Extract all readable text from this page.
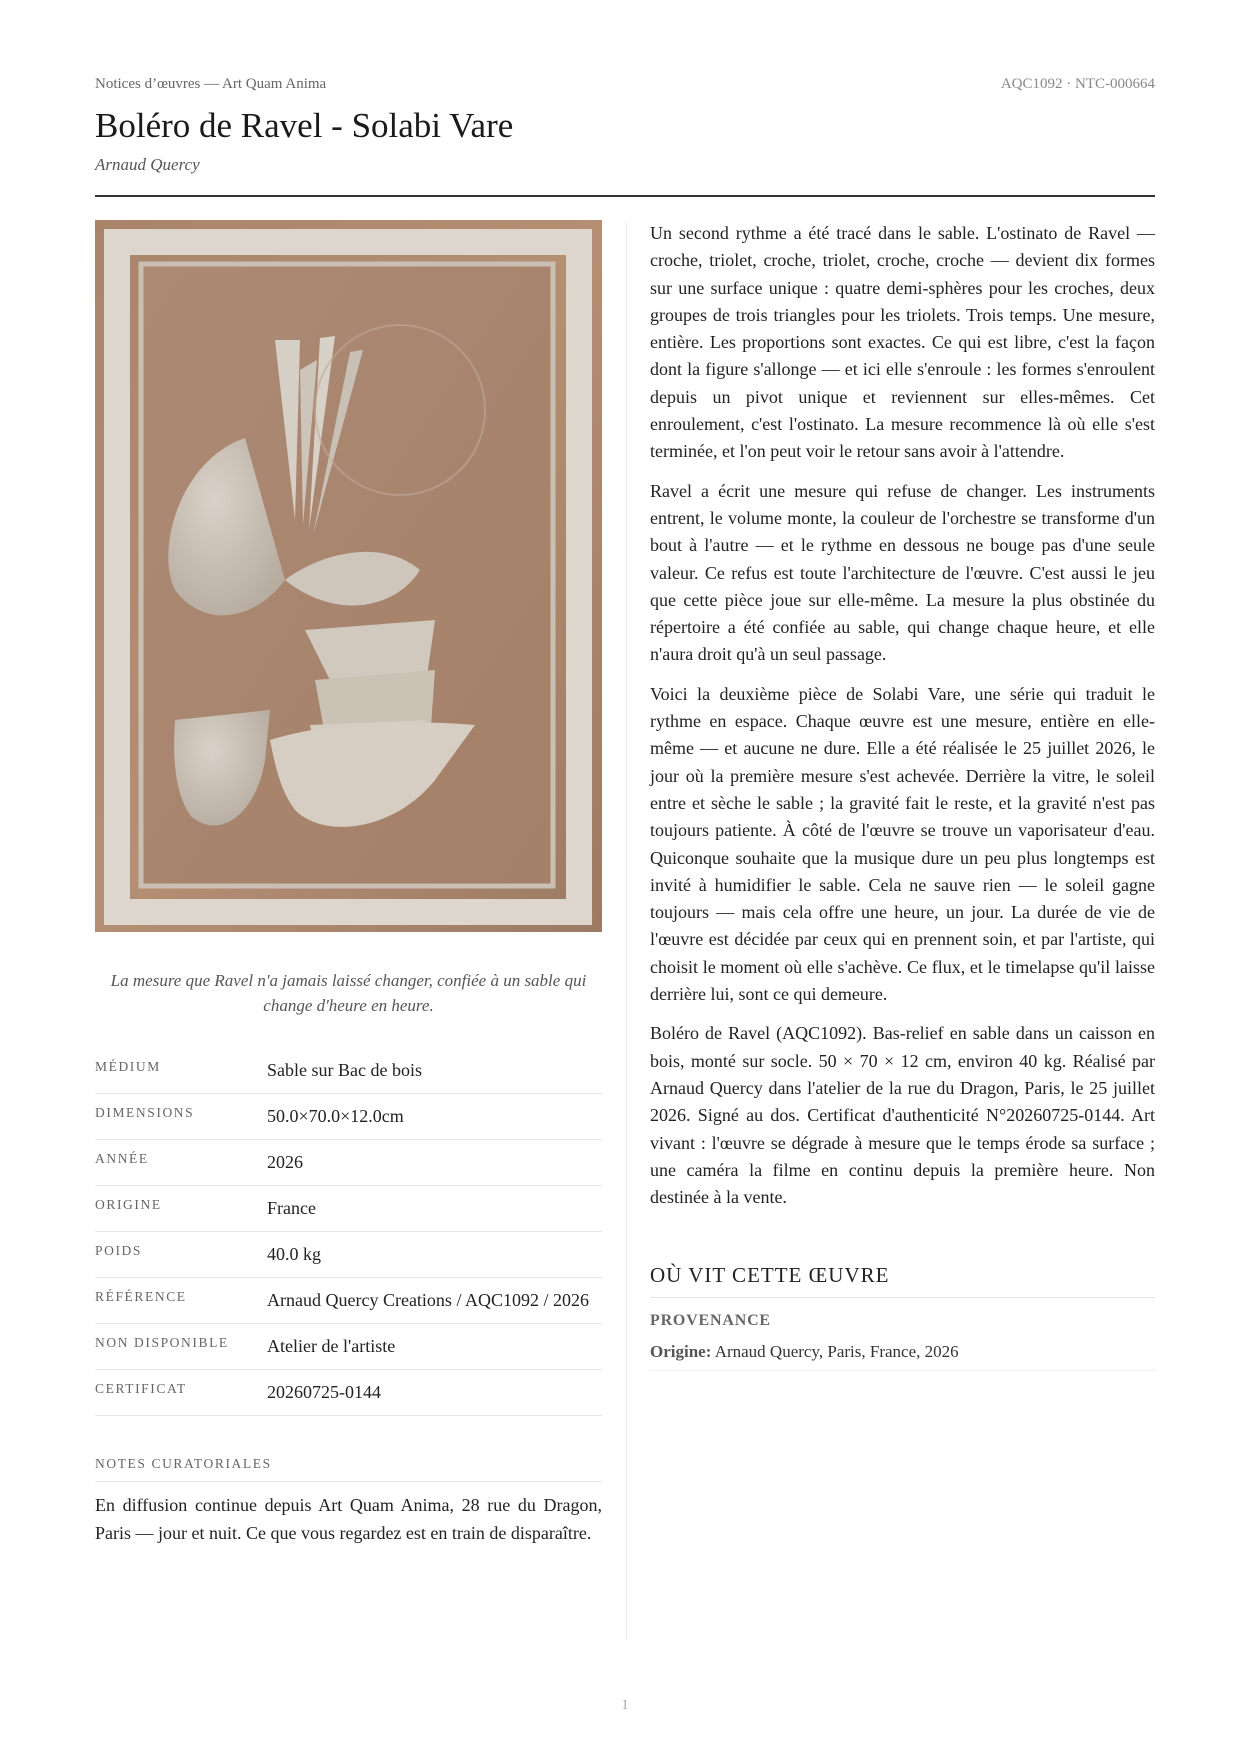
Notices d’œuvres — Art Quam Anima	AQC1092 · NTC-000664
Boléro de Ravel - Solabi Vare
Arnaud Quercy
La mesure que Ravel n'a jamais laissé changer, confiée à un sable qui change d'heure en heure.
MÉDIUM	Sable sur Bac de bois
DIMENSIONS	50.0×70.0×12.0cm
ANNÉE	2026
ORIGINE	France
POIDS	40.0 kg
RÉFÉRENCE	Arnaud Quercy Creations / AQC1092 / 2026
NON DISPONIBLE	Atelier de l'artiste
CERTIFICAT	20260725-0144
NOTES CURATORIALES
En diffusion continue depuis Art Quam Anima, 28 rue du Dragon, Paris — jour et nuit. Ce que vous regardez est en train de disparaître.

Un second rythme a été tracé dans le sable. L'ostinato de Ravel — croche, triolet, croche, triolet, croche, croche — devient dix formes sur une surface unique : quatre demi-sphères pour les croches, deux groupes de trois triangles pour les triolets. Trois temps. Une mesure, entière. Les proportions sont exactes. Ce qui est libre, c'est la façon dont la figure s'allonge — et ici elle s'enroule : les formes s'enroulent depuis un pivot unique et reviennent sur elles-mêmes. Cet enroulement, c'est l'ostinato. La mesure recommence là où elle s'est terminée, et l'on peut voir le retour sans avoir à l'attendre.

Ravel a écrit une mesure qui refuse de changer. Les instruments entrent, le volume monte, la couleur de l'orchestre se transforme d'un bout à l'autre — et le rythme en dessous ne bouge pas d'une seule valeur. Ce refus est toute l'architecture de l'œuvre. C'est aussi le jeu que cette pièce joue sur elle-même. La mesure la plus obstinée du répertoire a été confiée au sable, qui change chaque heure, et elle n'aura droit qu'à un seul passage.

Voici la deuxième pièce de Solabi Vare, une série qui traduit le rythme en espace. Chaque œuvre est une mesure, entière en elle-même — et aucune ne dure. Elle a été réalisée le 25 juillet 2026, le jour où la première mesure s'est achevée. Derrière la vitre, le soleil entre et sèche le sable ; la gravité fait le reste, et la gravité n'est pas toujours patiente. À côté de l'œuvre se trouve un vaporisateur d'eau. Quiconque souhaite que la musique dure un peu plus longtemps est invité à humidifier le sable. Cela ne sauve rien — le soleil gagne toujours — mais cela offre une heure, un jour. La durée de vie de l'œuvre est décidée par ceux qui en prennent soin, et par l'artiste, qui choisit le moment où elle s'achève. Ce flux, et le timelapse qu'il laisse derrière lui, sont ce qui demeure.

Boléro de Ravel (AQC1092). Bas-relief en sable dans un caisson en bois, monté sur socle. 50 × 70 × 12 cm, environ 40 kg. Réalisé par Arnaud Quercy dans l'atelier de la rue du Dragon, Paris, le 25 juillet 2026. Signé au dos. Certificat d'authenticité N°20260725-0144. Art vivant : l'œuvre se dégrade à mesure que le temps érode sa surface ; une caméra la filme en continu depuis la première heure. Non destinée à la vente.

OÙ VIT CETTE ŒUVRE
PROVENANCE
Origine: Arnaud Quercy, Paris, France, 2026
1
